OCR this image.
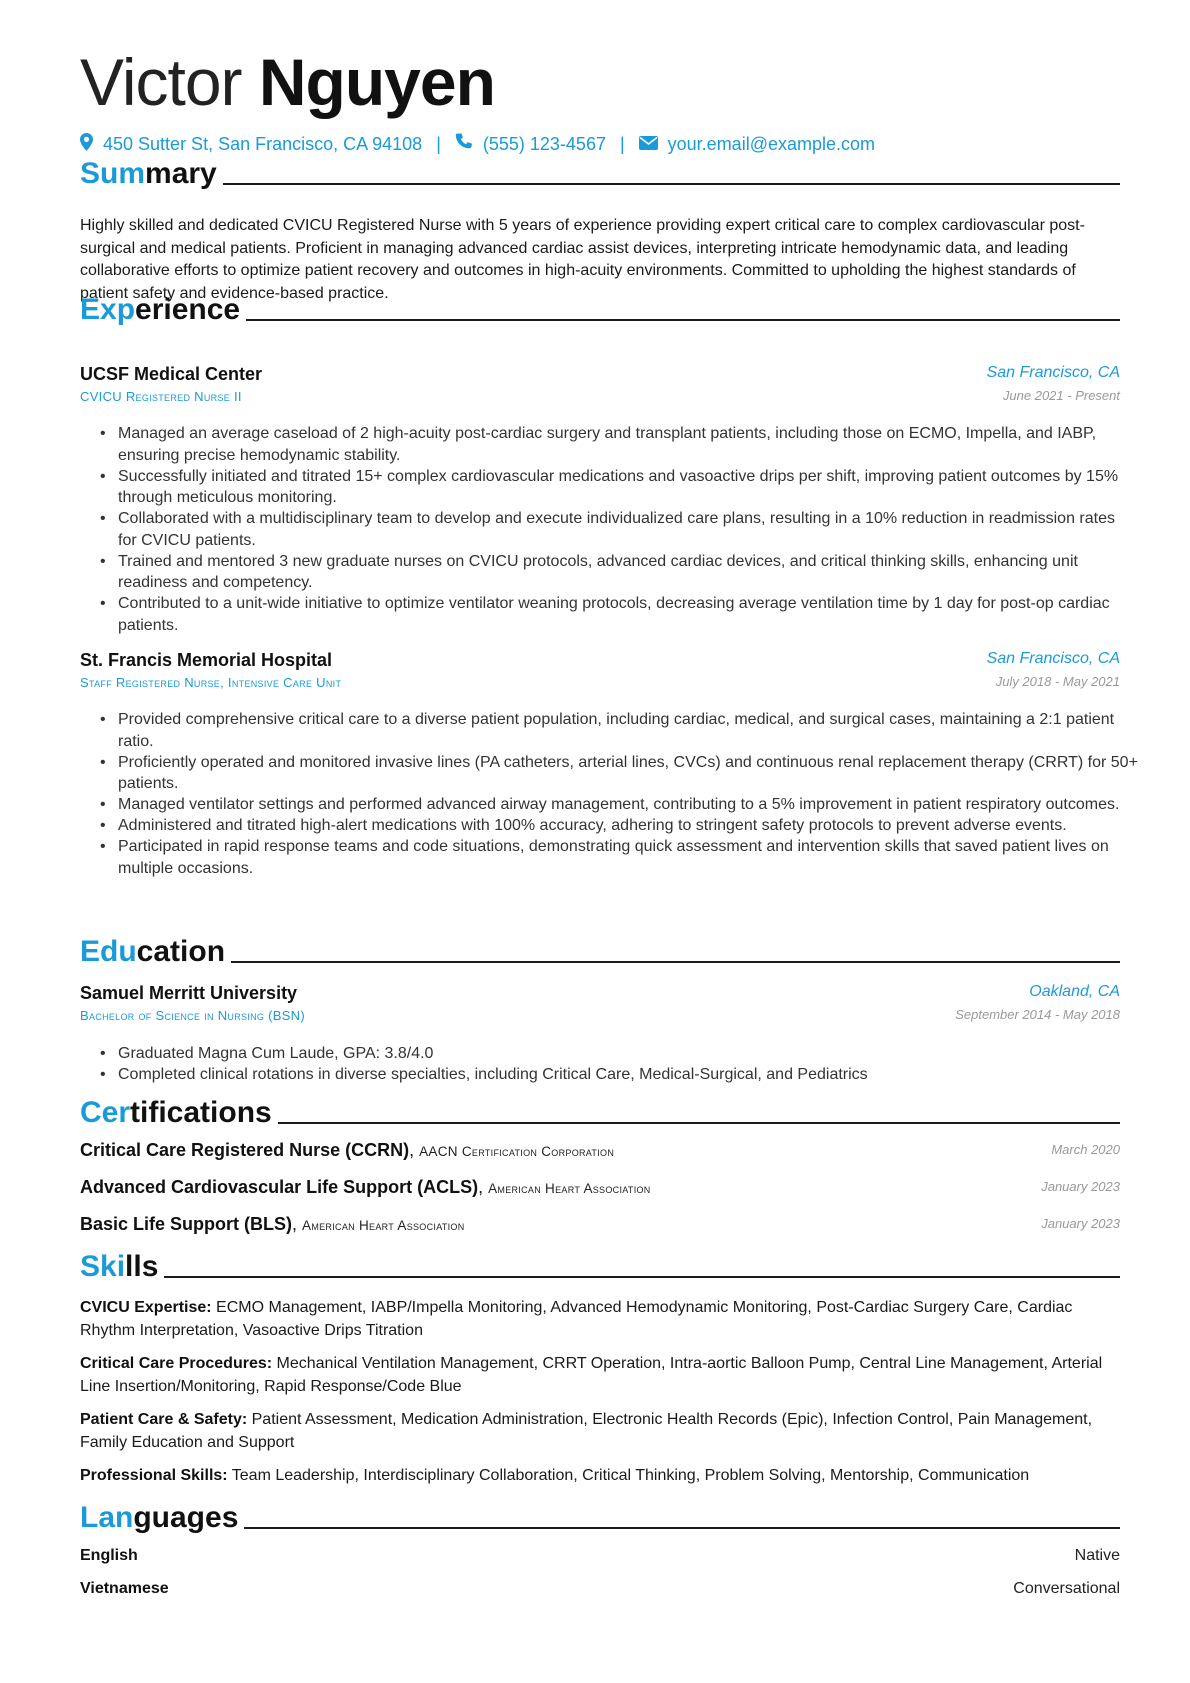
Victor Nguyen
450 Sutter St, San Francisco, CA 94108 | (555) 123-4567 | your.email@example.com
Summary
Highly skilled and dedicated CVICU Registered Nurse with 5 years of experience providing expert critical care to complex cardiovascular post-surgical and medical patients. Proficient in managing advanced cardiac assist devices, interpreting intricate hemodynamic data, and leading collaborative efforts to optimize patient recovery and outcomes in high-acuity environments. Committed to upholding the highest standards of patient safety and evidence-based practice.
Experience
UCSF Medical Center	San Francisco, CA
CVICU Registered Nurse II	June 2021 - Present
• Managed an average caseload of 2 high-acuity post-cardiac surgery and transplant patients, including those on ECMO, Impella, and IABP, ensuring precise hemodynamic stability.
• Successfully initiated and titrated 15+ complex cardiovascular medications and vasoactive drips per shift, improving patient outcomes by 15% through meticulous monitoring.
• Collaborated with a multidisciplinary team to develop and execute individualized care plans, resulting in a 10% reduction in readmission rates for CVICU patients.
• Trained and mentored 3 new graduate nurses on CVICU protocols, advanced cardiac devices, and critical thinking skills, enhancing unit readiness and competency.
• Contributed to a unit-wide initiative to optimize ventilator weaning protocols, decreasing average ventilation time by 1 day for post-op cardiac patients.
St. Francis Memorial Hospital	San Francisco, CA
Staff Registered Nurse, Intensive Care Unit	July 2018 - May 2021
• Provided comprehensive critical care to a diverse patient population, including cardiac, medical, and surgical cases, maintaining a 2:1 patient ratio.
• Proficiently operated and monitored invasive lines (PA catheters, arterial lines, CVCs) and continuous renal replacement therapy (CRRT) for 50+ patients.
• Managed ventilator settings and performed advanced airway management, contributing to a 5% improvement in patient respiratory outcomes.
• Administered and titrated high-alert medications with 100% accuracy, adhering to stringent safety protocols to prevent adverse events.
• Participated in rapid response teams and code situations, demonstrating quick assessment and intervention skills that saved patient lives on multiple occasions.
Education
Samuel Merritt University	Oakland, CA
Bachelor of Science in Nursing (BSN)	September 2014 - May 2018
• Graduated Magna Cum Laude, GPA: 3.8/4.0
• Completed clinical rotations in diverse specialties, including Critical Care, Medical-Surgical, and Pediatrics
Certifications
Critical Care Registered Nurse (CCRN), AACN Certification Corporation	March 2020
Advanced Cardiovascular Life Support (ACLS), American Heart Association	January 2023
Basic Life Support (BLS), American Heart Association	January 2023
Skills
CVICU Expertise: ECMO Management, IABP/Impella Monitoring, Advanced Hemodynamic Monitoring, Post-Cardiac Surgery Care, Cardiac Rhythm Interpretation, Vasoactive Drips Titration
Critical Care Procedures: Mechanical Ventilation Management, CRRT Operation, Intra-aortic Balloon Pump, Central Line Management, Arterial Line Insertion/Monitoring, Rapid Response/Code Blue
Patient Care & Safety: Patient Assessment, Medication Administration, Electronic Health Records (Epic), Infection Control, Pain Management, Family Education and Support
Professional Skills: Team Leadership, Interdisciplinary Collaboration, Critical Thinking, Problem Solving, Mentorship, Communication
Languages
English	Native
Vietnamese	Conversational
